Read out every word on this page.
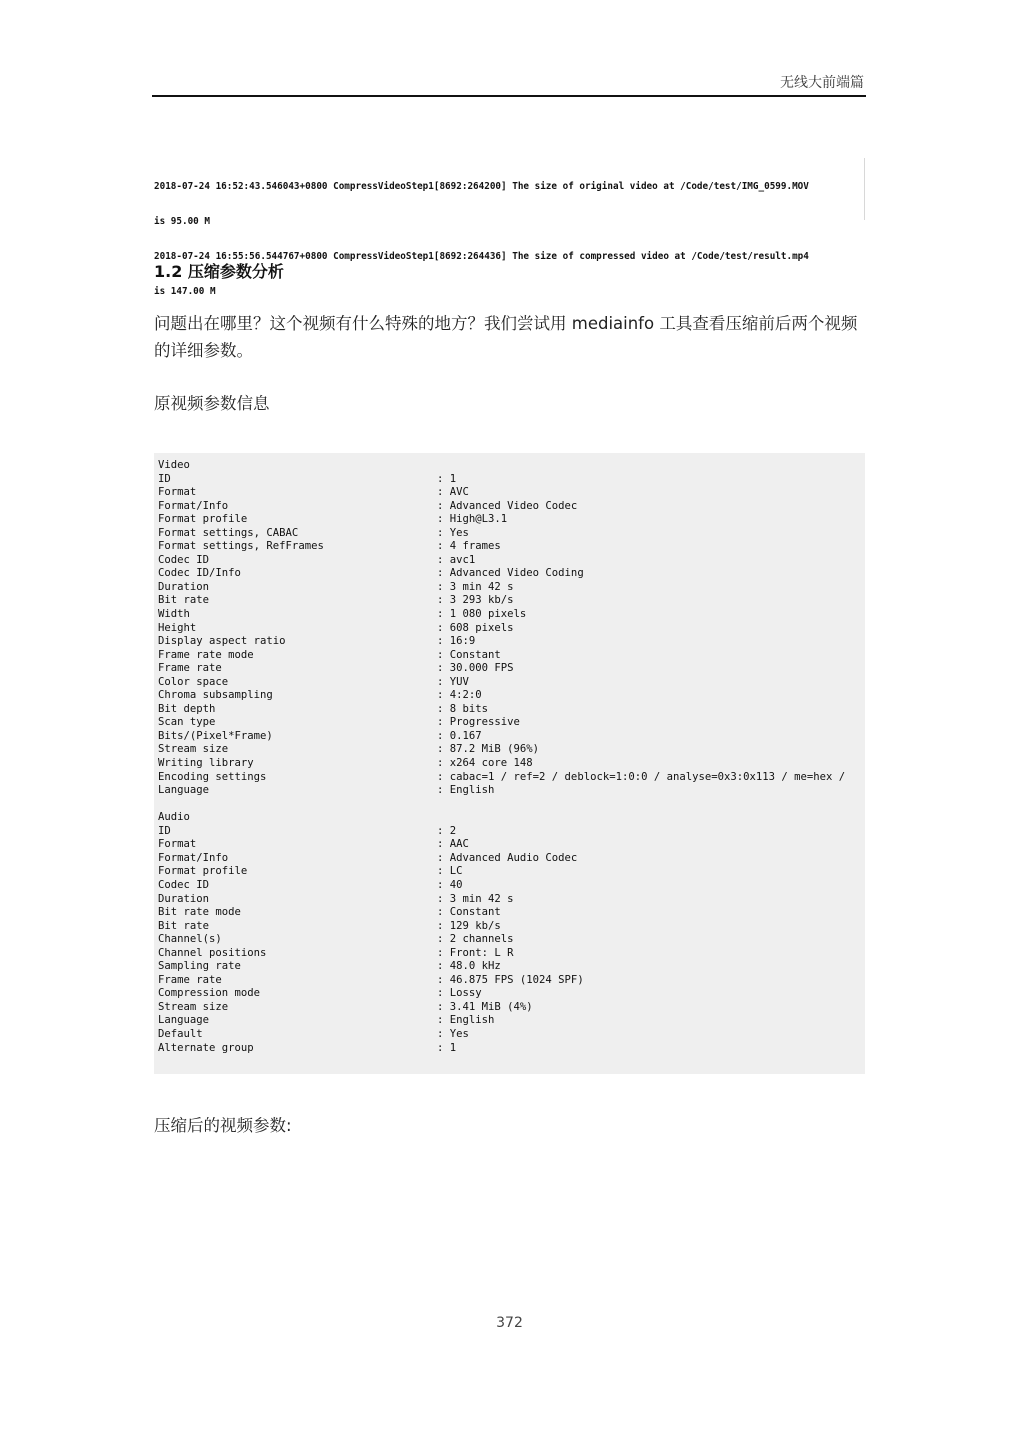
无线大前端篇

2018-07-24 16:52:43.546043+0800 CompressVideoStep1[8692:264200] The size of original video at /Code/test/IMG_0599.MOV

is 95.00 M

2018-07-24 16:55:56.544767+0800 CompressVideoStep1[8692:264436] The size of compressed video at /Code/test/result.mp4

is 147.00 M

1.2 压缩参数分析
问题出在哪里？这个视频有什么特殊的地方？我们尝试用 mediainfo 工具查看压缩前后两个视频的详细参数。
原视频参数信息
Video
ID	: 1
Format	: AVC
Format/Info	: Advanced Video Codec
Format profile	: High@L3.1
Format settings, CABAC	: Yes
Format settings, RefFrames	: 4 frames
Codec ID	: avc1
Codec ID/Info	: Advanced Video Coding
Duration	: 3 min 42 s
Bit rate	: 3 293 kb/s
Width	: 1 080 pixels
Height	: 608 pixels
Display aspect ratio	: 16:9
Frame rate mode	: Constant
Frame rate	: 30.000 FPS
Color space	: YUV
Chroma subsampling	: 4:2:0
Bit depth	: 8 bits
Scan type	: Progressive
Bits/(Pixel*Frame)	: 0.167
Stream size	: 87.2 MiB (96%)
Writing library	: x264 core 148
Encoding settings	: cabac=1 / ref=2 / deblock=1:0:0 / analyse=0x3:0x113 / me=hex /
Language	: English
Audio
ID	: 2
Format	: AAC
Format/Info	: Advanced Audio Codec
Format profile	: LC
Codec ID	: 40
Duration	: 3 min 42 s
Bit rate mode	: Constant
Bit rate	: 129 kb/s
Channel(s)	: 2 channels
Channel positions	: Front: L R
Sampling rate	: 48.0 kHz
Frame rate	: 46.875 FPS (1024 SPF)
Compression mode	: Lossy
Stream size	: 3.41 MiB (4%)
Language	: English
Default	: Yes
Alternate group	: 1
压缩后的视频参数:
372
